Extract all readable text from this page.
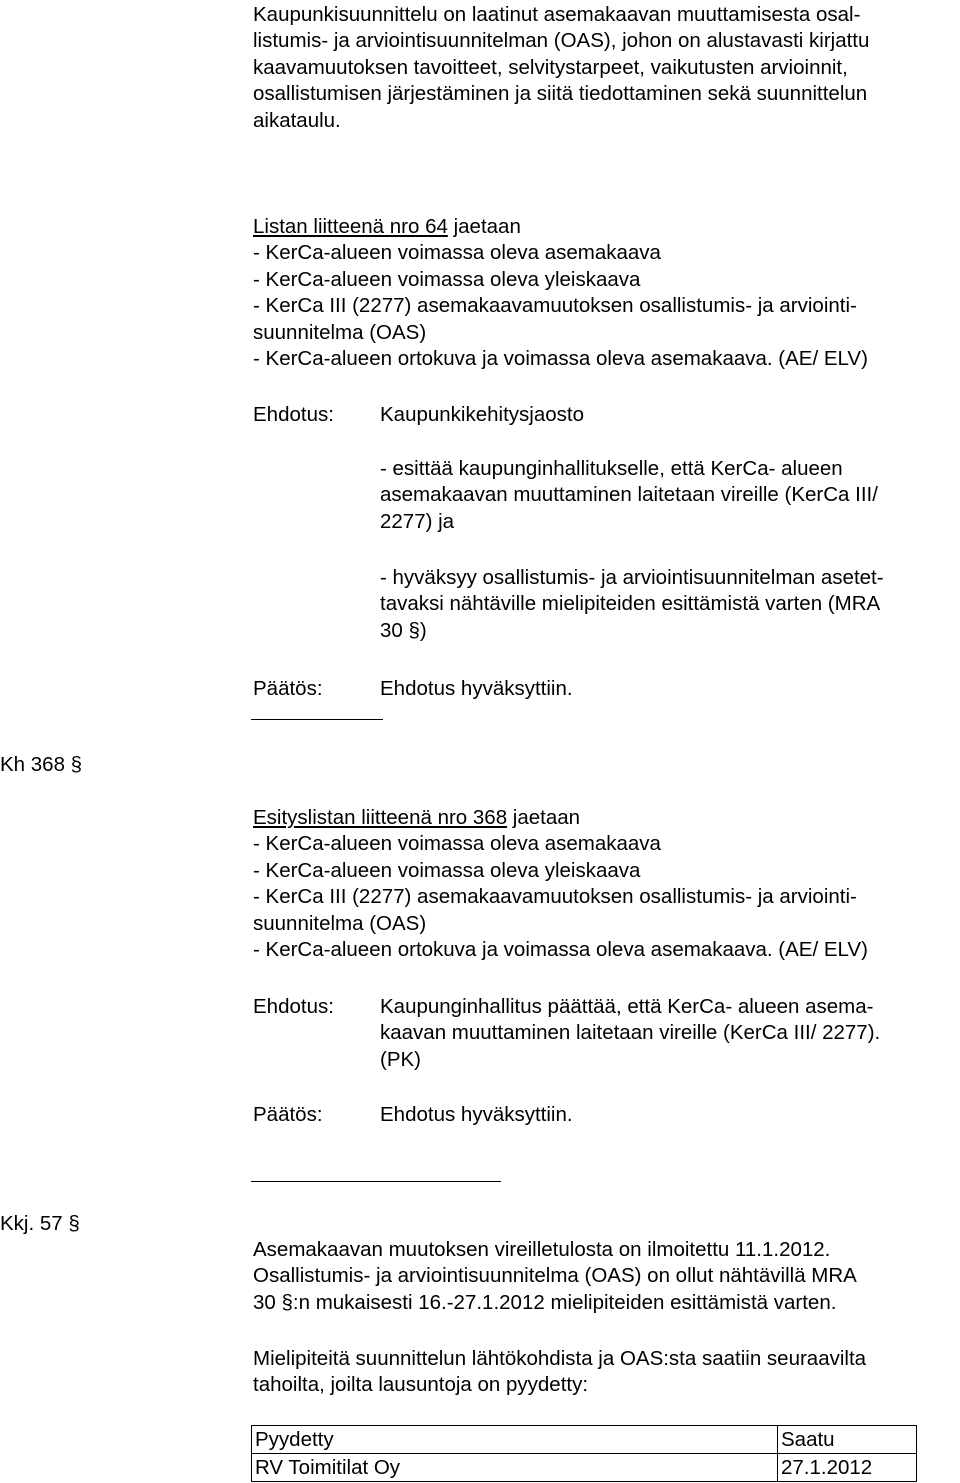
Kaupunkisuunnittelu on laatinut asemakaavan muuttamisesta osal-
listumis- ja arviointisuunnitelman (OAS), johon on alustavasti kirjattu
kaavamuutoksen tavoitteet, selvitystarpeet, vaikutusten arvioinnit,
osallistumisen järjestäminen ja siitä tiedottaminen sekä suunnittelun
aikataulu.
Listan liitteenä nro 64 jaetaan
- KerCa-alueen voimassa oleva asemakaava
- KerCa-alueen voimassa oleva yleiskaava
- KerCa III (2277) asemakaavamuutoksen osallistumis- ja arviointi-
suunnitelma (OAS)
- KerCa-alueen ortokuva ja voimassa oleva asemakaava. (AE/ ELV)
Ehdotus: Kaupunkikehitysjaosto
- esittää kaupunginhallitukselle, että KerCa- alueen
asemakaavan muuttaminen laitetaan vireille (KerCa III/
2277) ja
- hyväksyy osallistumis- ja arviointisuunnitelman asetet-
tavaksi nähtäville mielipiteiden esittämistä varten (MRA
30 §)
Päätös:	Ehdotus hyväksyttiin.
Kh 368 §
Esityslistan liitteenä nro 368 jaetaan
- KerCa-alueen voimassa oleva asemakaava
- KerCa-alueen voimassa oleva yleiskaava
- KerCa III (2277) asemakaavamuutoksen osallistumis- ja arviointi-
suunnitelma (OAS)
- KerCa-alueen ortokuva ja voimassa oleva asemakaava. (AE/ ELV)
Ehdotus: Kaupunginhallitus päättää, että KerCa- alueen asema-
kaavan muuttaminen laitetaan vireille (KerCa III/ 2277).
(PK)
Päätös:	Ehdotus hyväksyttiin.
Kkj. 57 §
Asemakaavan muutoksen vireilletulosta on ilmoitettu 11.1.2012.
Osallistumis- ja arviointisuunnitelma (OAS) on ollut nähtävillä MRA
30 §:n mukaisesti 16.-27.1.2012 mielipiteiden esittämistä varten.
Mielipiteitä suunnittelun lähtökohdista ja OAS:sta saatiin seuraavilta
tahoilta, joilta lausuntoja on pyydetty:
Pyydetty	Saatu
RV Toimitilat Oy	27.1.2012
